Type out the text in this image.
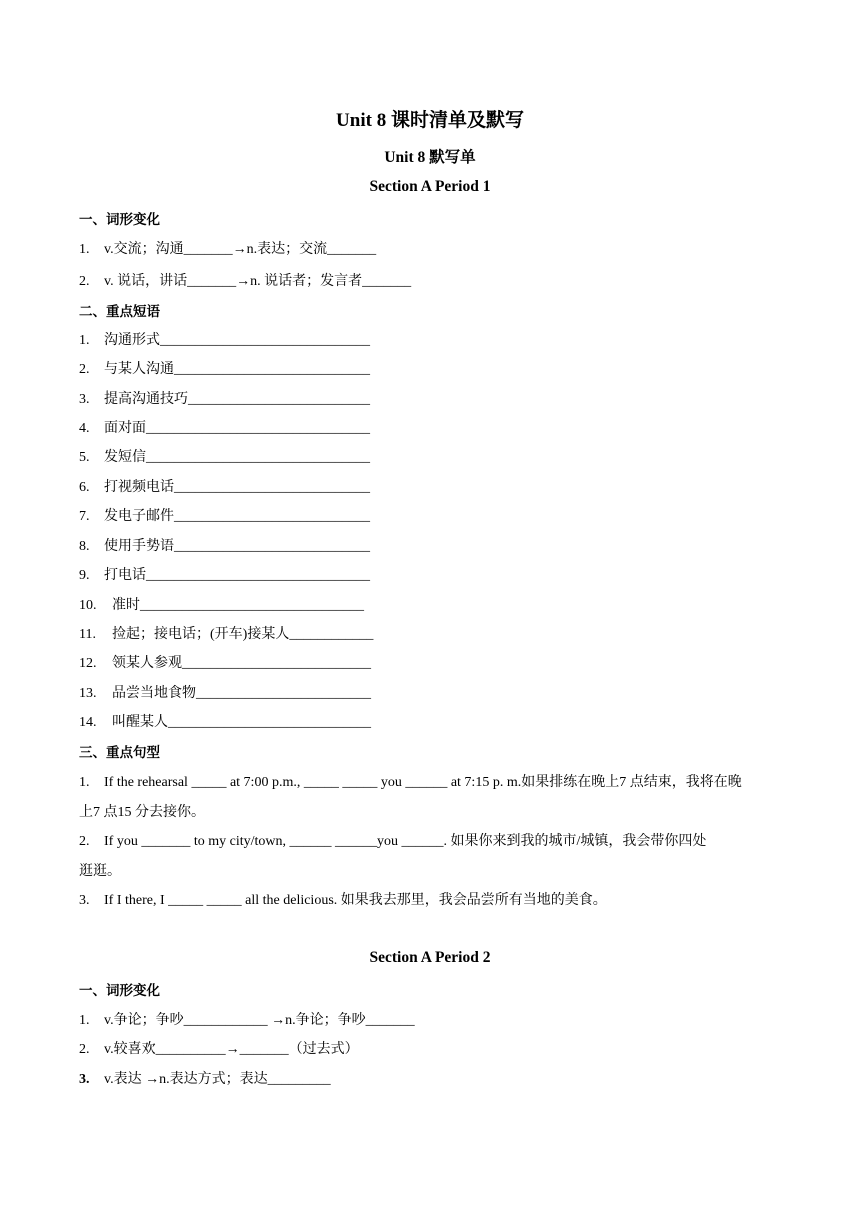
Unit 8 课时清单及默写
Unit 8 默写单
Section A Period 1
一、词形变化
1. v.交流；沟通_______→n.表达；交流_______
2. v. 说话，讲话_______→n. 说话者；发言者_______
二、重点短语
1. 沟通形式______________________________
2. 与某人沟通____________________________
3. 提高沟通技巧__________________________
4. 面对面________________________________
5. 发短信________________________________
6. 打视频电话____________________________
7. 发电子邮件____________________________
8. 使用手势语____________________________
9. 打电话________________________________
10. 准时________________________________
11. 捡起；接电话；(开车)接某人____________
12. 领某人参观___________________________
13. 品尝当地食物_________________________
14. 叫醒某人_____________________________
三、重点句型
1. If the rehearsal _____ at 7:00 p.m., _____ _____ you ______ at 7:15 p. m.如果排练在晚上7 点结束，我将在晚
上7 点15 分去接你。
2. If you _______ to my city/town, ______ ______you ______. 如果你来到我的城市/城镇，我会带你四处
逛逛。
3. If I there, I _____ _____ all the delicious. 如果我去那里，我会品尝所有当地的美食。
Section A Period 2
一、词形变化
1. v.争论；争吵____________ →n.争论；争吵_______
2. v.较喜欢__________→_______（过去式）
3. v.表达 →n.表达方式；表达_________
